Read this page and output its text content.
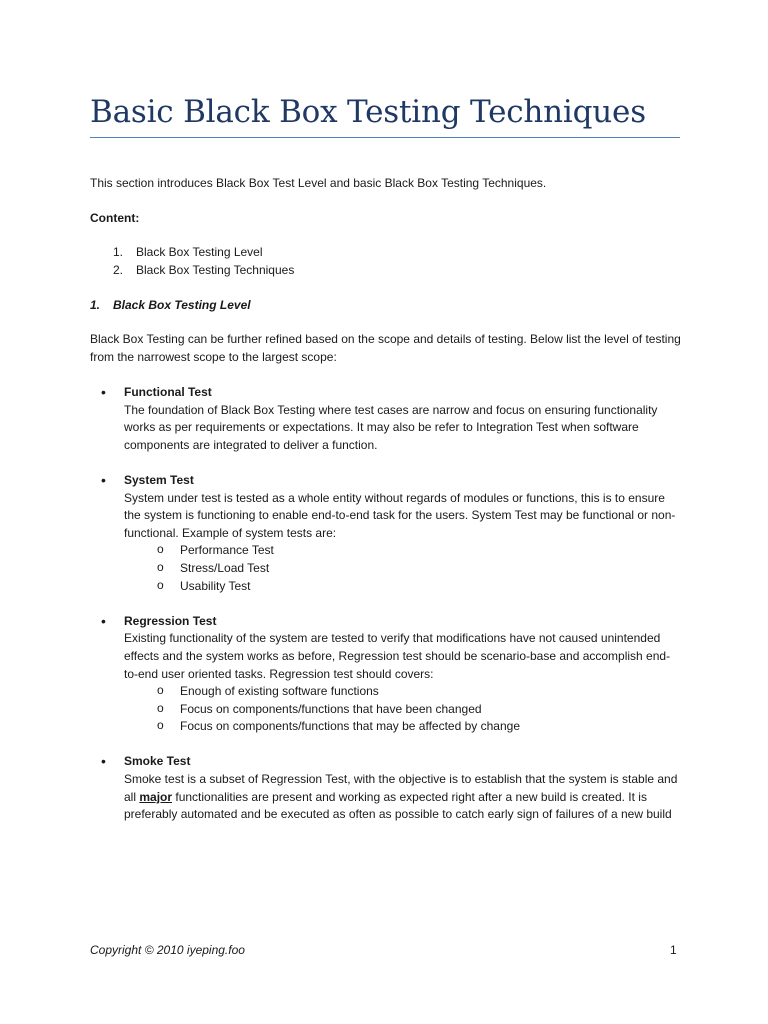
Basic Black Box Testing Techniques
This section introduces Black Box Test Level and basic Black Box Testing Techniques.
Content:
1. Black Box Testing Level
2. Black Box Testing Techniques
1. Black Box Testing Level
Black Box Testing can be further refined based on the scope and details of testing. Below list the level of testing from the narrowest scope to the largest scope:
• Functional Test
The foundation of Black Box Testing where test cases are narrow and focus on ensuring functionality works as per requirements or expectations. It may also be refer to Integration Test when software components are integrated to deliver a function.
• System Test
System under test is tested as a whole entity without regards of modules or functions, this is to ensure the system is functioning to enable end-to-end task for the users. System Test may be functional or non-functional. Example of system tests are:
o Performance Test
o Stress/Load Test
o Usability Test
• Regression Test
Existing functionality of the system are tested to verify that modifications have not caused unintended effects and the system works as before, Regression test should be scenario-base and accomplish end-to-end user oriented tasks. Regression test should covers:
o Enough of existing software functions
o Focus on components/functions that have been changed
o Focus on components/functions that may be affected by change
• Smoke Test
Smoke test is a subset of Regression Test, with the objective is to establish that the system is stable and all major functionalities are present and working as expected right after a new build is created. It is preferably automated and be executed as often as possible to catch early sign of failures of a new build
Copyright © 2010 iyeping.foo	1
